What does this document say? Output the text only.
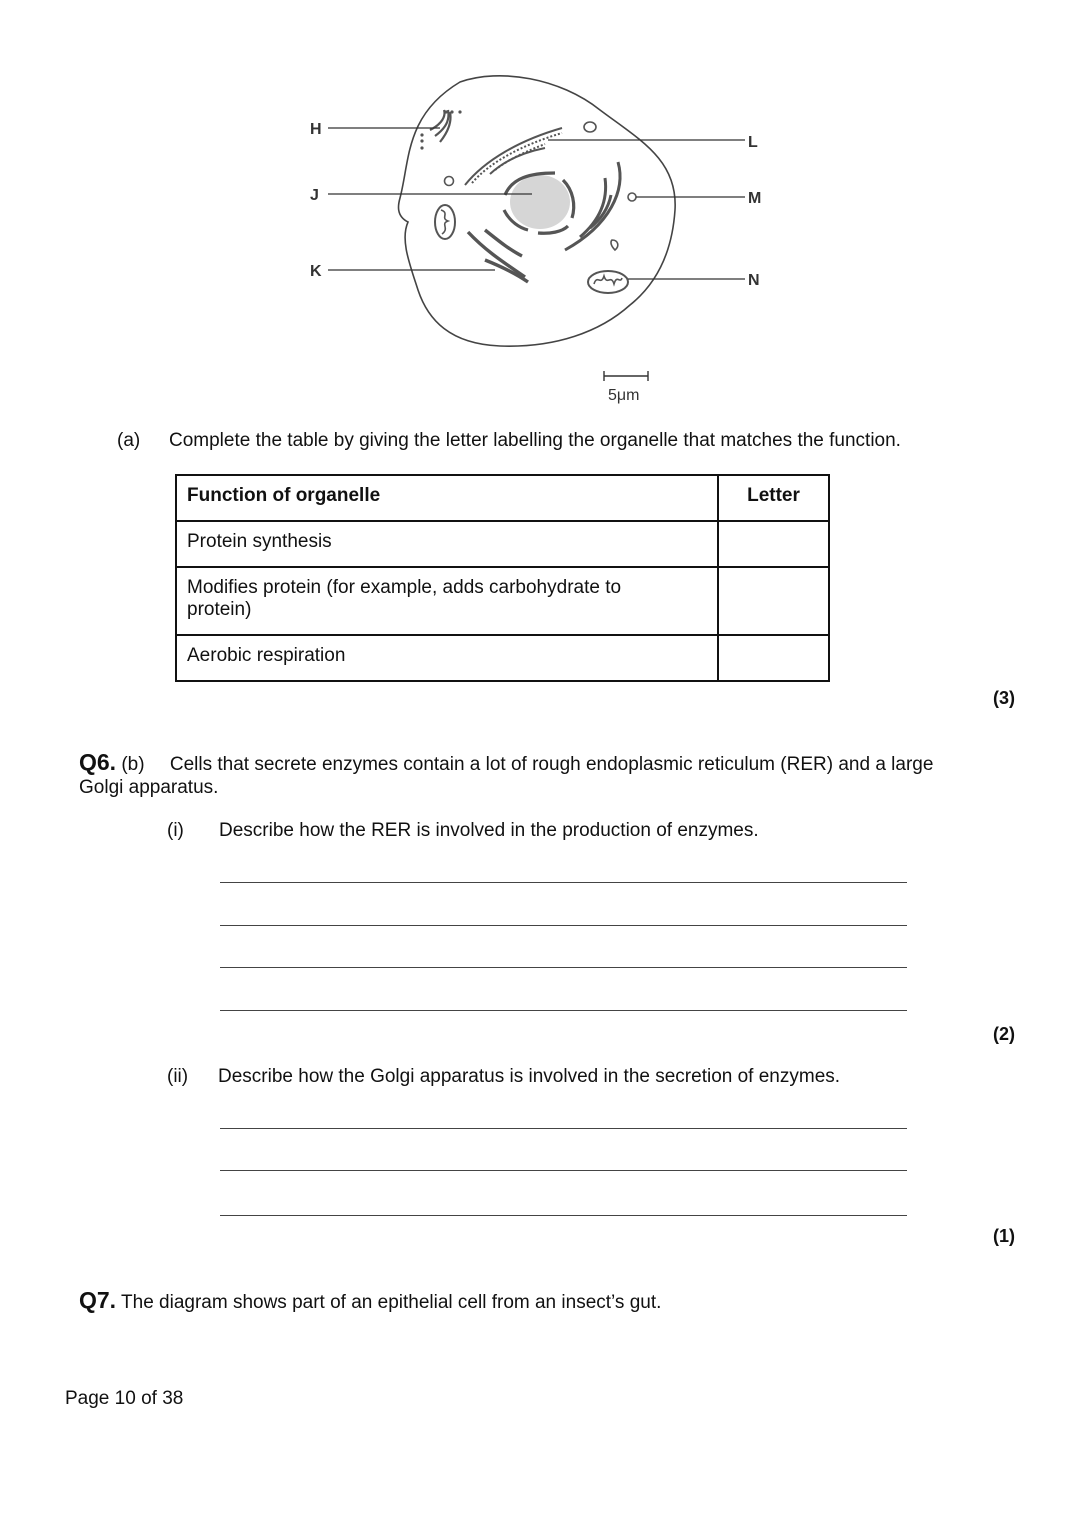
H
J
K
L
M
N
5μm
(a) Complete the table by giving the letter labelling the organelle that matches the function.
Function of organelle	Letter
Protein synthesis	
Modifies protein (for example, adds carbohydrate to protein)	
Aerobic respiration	
(3)
Q6. (b) Cells that secrete enzymes contain a lot of rough endoplasmic reticulum (RER) and a large
Golgi apparatus.
(i) Describe how the RER is involved in the production of enzymes.
(2)
(ii) Describe how the Golgi apparatus is involved in the secretion of enzymes.
(1)
Q7. The diagram shows part of an epithelial cell from an insect’s gut.
Page 10 of 38
